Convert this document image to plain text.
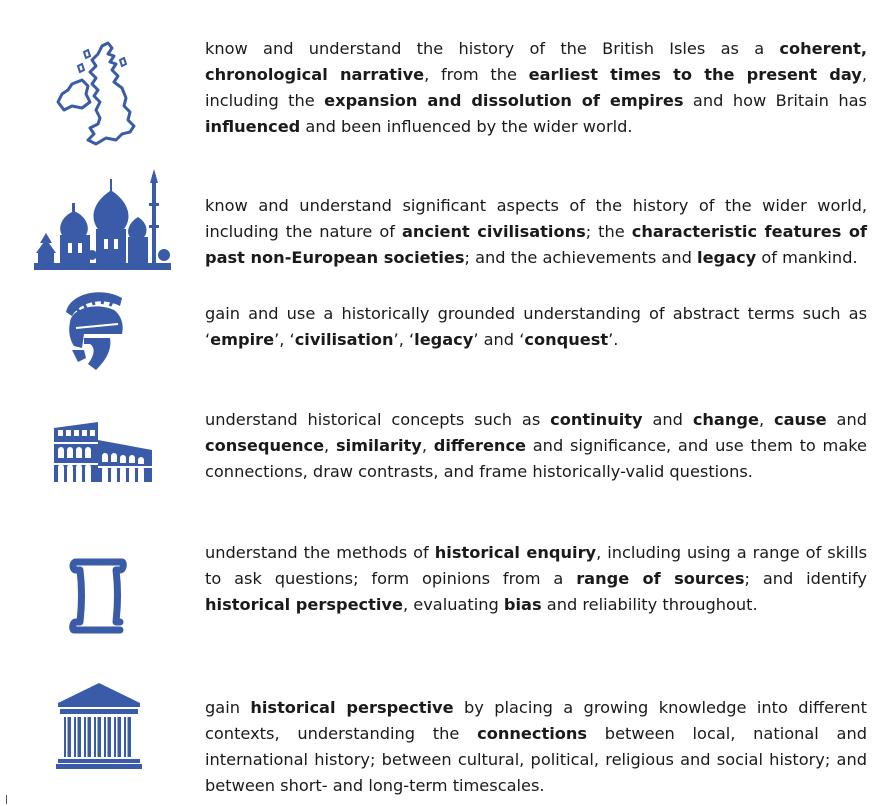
know and understand the history of the British Isles as a coherent, chronological narrative, from the earliest times to the present day, including the expansion and dissolution of empires and how Britain has influenced and been influenced by the wider world.
know and understand significant aspects of the history of the wider world, including the nature of ancient civilisations; the characteristic features of past non-European societies; and the achievements and legacy of mankind.
gain and use a historically grounded understanding of abstract terms such as ‘empire’, ‘civilisation’, ‘legacy’ and ‘conquest’.
understand historical concepts such as continuity and change, cause and consequence, similarity, difference and significance, and use them to make connections, draw contrasts, and frame historically-valid questions.
understand the methods of historical enquiry, including using a range of skills to ask questions; form opinions from a range of sources; and identify historical perspective, evaluating bias and reliability throughout.
gain historical perspective by placing a growing knowledge into different contexts, understanding the connections between local, national and international history; between cultural, political, religious and social history; and between short- and long-term timescales.
